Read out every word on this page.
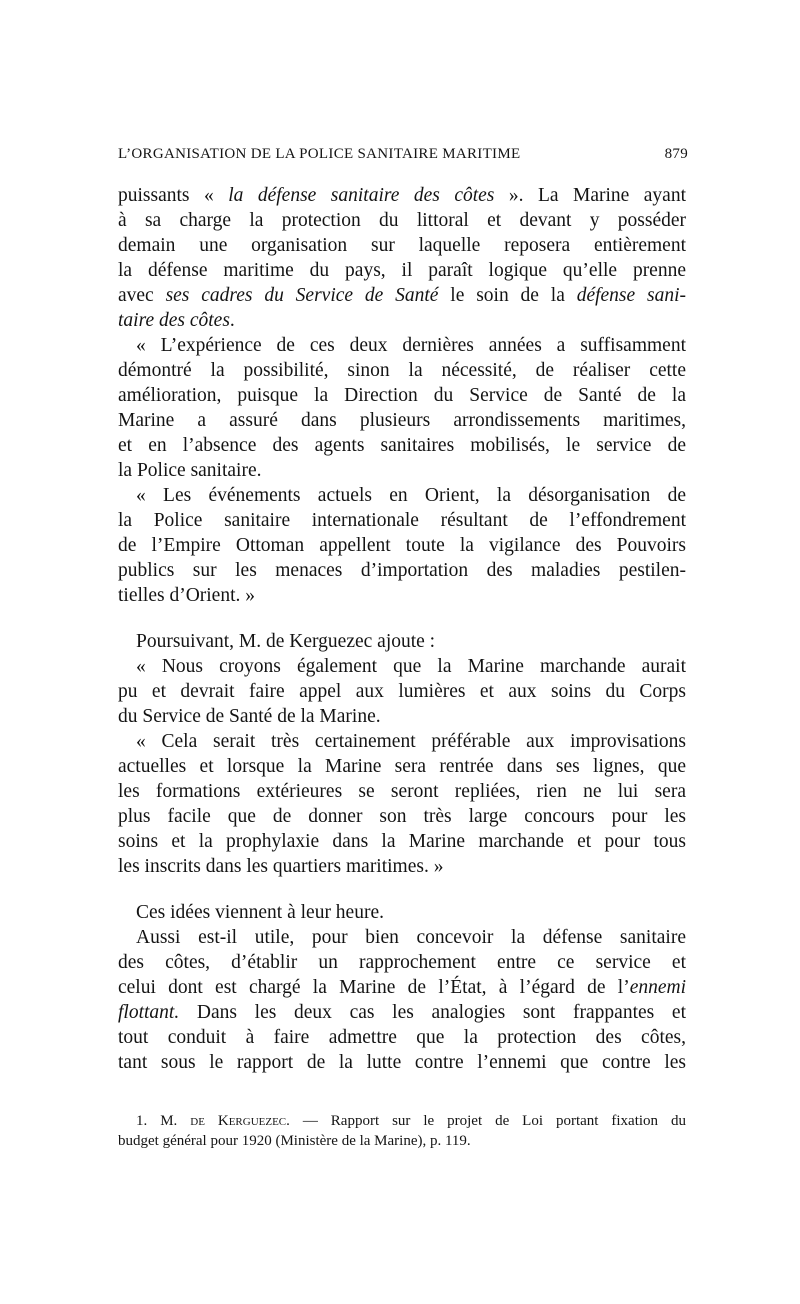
L’ORGANISATION DE LA POLICE SANITAIRE MARITIME	879
puissants « la défense sanitaire des côtes ». La Marine ayant
à sa charge la protection du littoral et devant y posséder
demain une organisation sur laquelle reposera entièrement
la défense maritime du pays, il paraît logique qu’elle prenne
avec ses cadres du Service de Santé le soin de la défense sani-
taire des côtes.
« L’expérience de ces deux dernières années a suffisamment
démontré la possibilité, sinon la nécessité, de réaliser cette
amélioration, puisque la Direction du Service de Santé de la
Marine a assuré dans plusieurs arrondissements maritimes,
et en l’absence des agents sanitaires mobilisés, le service de
la Police sanitaire.
« Les événements actuels en Orient, la désorganisation de
la Police sanitaire internationale résultant de l’effondrement
de l’Empire Ottoman appellent toute la vigilance des Pouvoirs
publics sur les menaces d’importation des maladies pestilen-
tielles d’Orient. »
Poursuivant, M. de Kerguezec ajoute :
« Nous croyons également que la Marine marchande aurait
pu et devrait faire appel aux lumières et aux soins du Corps
du Service de Santé de la Marine.
« Cela serait très certainement préférable aux improvisations
actuelles et lorsque la Marine sera rentrée dans ses lignes, que
les formations extérieures se seront repliées, rien ne lui sera
plus facile que de donner son très large concours pour les
soins et la prophylaxie dans la Marine marchande et pour tous
les inscrits dans les quartiers maritimes. »
Ces idées viennent à leur heure.
Aussi est-il utile, pour bien concevoir la défense sanitaire
des côtes, d’établir un rapprochement entre ce service et
celui dont est chargé la Marine de l’État, à l’égard de l’ennemi
flottant. Dans les deux cas les analogies sont frappantes et
tout conduit à faire admettre que la protection des côtes,
tant sous le rapport de la lutte contre l’ennemi que contre les
1. M. de Kerguezec. — Rapport sur le projet de Loi portant fixation du
budget général pour 1920 (Ministère de la Marine), p. 119.
